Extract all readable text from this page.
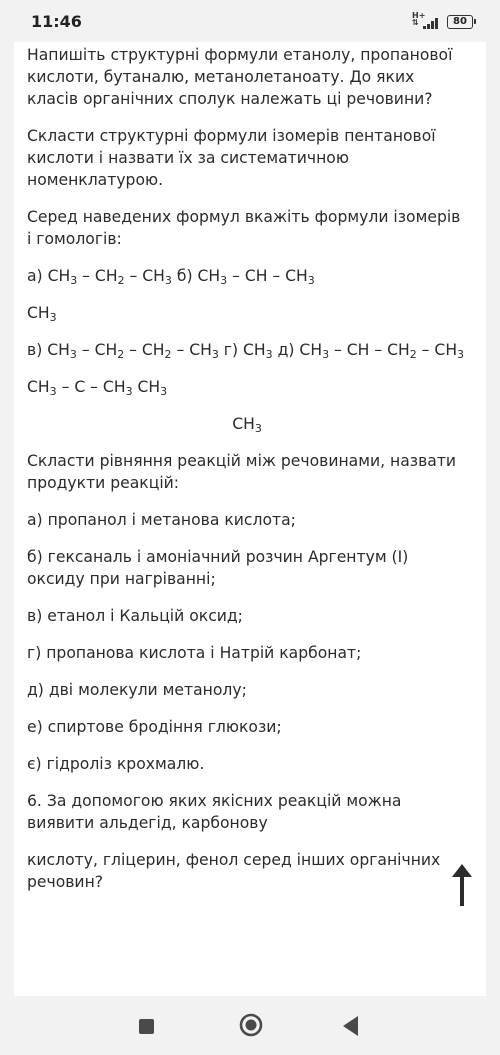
11:46	H+
⇅	80

Напишіть структурні формули етанолу, пропанової кислоти, бутаналю, метанолетаноату. До яких класів органічних сполук належать ці речовини?

Скласти структурні формули ізомерів пентанової кислоти і назвати їх за систематичною номенклатурою.

Серед наведених формул вкажіть формули ізомерів і гомологів:

а) $CH_3 - CH_2 - CH_3$ б) $CH_3$ – CH – $CH_3$

$CH_3$

в) $CH_3 - CH_2 - CH_2 - CH_3$ г) $CH_3$ д) $CH_3$ – CH – $CH_2 - CH_3$

$CH_3$ – C – $CH_3$ $CH_3$

$CH_3$

Скласти рівняння реакцій між речовинами, назвати продукти реакцій:

а) пропанол і метанова кислота;

б) гексаналь і амоніачний розчин Аргентум (I) оксиду при нагріванні;

в) етанол і Кальцій оксид;

г) пропанова кислота і Натрій карбонат;

д) дві молекули метанолу;

е) спиртове бродіння глюкози;

є) гідроліз крохмалю.

6. За допомогою яких якісних реакцій можна виявити альдегід, карбонову

кислоту, гліцерин, фенол серед інших органічних речовин?
